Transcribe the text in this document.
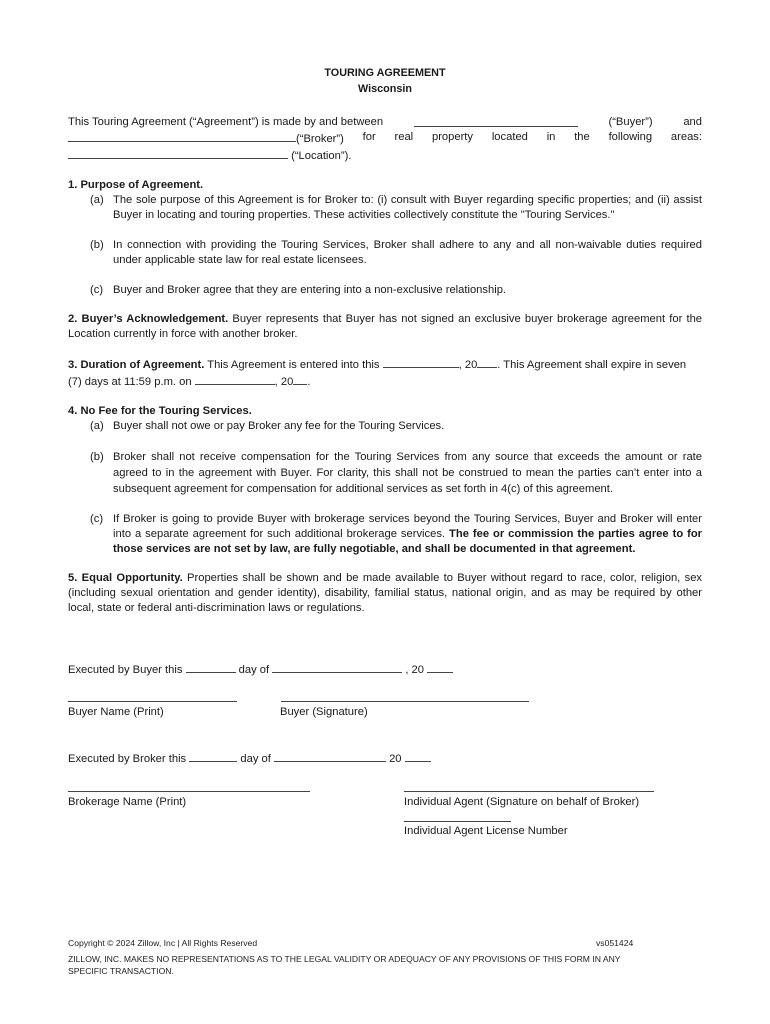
TOURING AGREEMENT
Wisconsin
This Touring Agreement (“Agreement”) is made by and between	(“Buyer”)	and
(“Broker”) for real property located in the following areas:
(“Location”).
1. Purpose of Agreement.
(a) The sole purpose of this Agreement is for Broker to: (i) consult with Buyer regarding specific properties; and (ii) assist Buyer in locating and touring properties. These activities collectively constitute the "Touring Services."
(b) In connection with providing the Touring Services, Broker shall adhere to any and all non-waivable duties required under applicable state law for real estate licensees.
(c) Buyer and Broker agree that they are entering into a non-exclusive relationship.
2. Buyer’s Acknowledgement. Buyer represents that Buyer has not signed an exclusive buyer brokerage agreement for the Location currently in force with another broker.
3. Duration of Agreement. This Agreement is entered into this	, 20 . This Agreement shall expire in seven (7) days at 11:59 p.m. on	, 20 .
4. No Fee for the Touring Services.
(a) Buyer shall not owe or pay Broker any fee for the Touring Services.
(b) Broker shall not receive compensation for the Touring Services from any source that exceeds the amount or rate agreed to in the agreement with Buyer. For clarity, this shall not be construed to mean the parties can’t enter into a subsequent agreement for compensation for additional services as set forth in 4(c) of this agreement.
(c) If Broker is going to provide Buyer with brokerage services beyond the Touring Services, Buyer and Broker will enter into a separate agreement for such additional brokerage services. The fee or commission the parties agree to for those services are not set by law, are fully negotiable, and shall be documented in that agreement.
5. Equal Opportunity. Properties shall be shown and be made available to Buyer without regard to race, color, religion, sex (including sexual orientation and gender identity), disability, familial status, national origin, and as may be required by other local, state or federal anti-discrimination laws or regulations.
Executed by Buyer this	day of	, 20
Buyer Name (Print)	Buyer (Signature)
Executed by Broker this	day of	20
Brokerage Name (Print)	Individual Agent (Signature on behalf of Broker)
Individual Agent License Number
Copyright © 2024 Zillow, Inc | All Rights Reserved	vs051424
ZILLOW, INC. MAKES NO REPRESENTATIONS AS TO THE LEGAL VALIDITY OR ADEQUACY OF ANY PROVISIONS OF THIS FORM IN ANY
SPECIFIC TRANSACTION.
